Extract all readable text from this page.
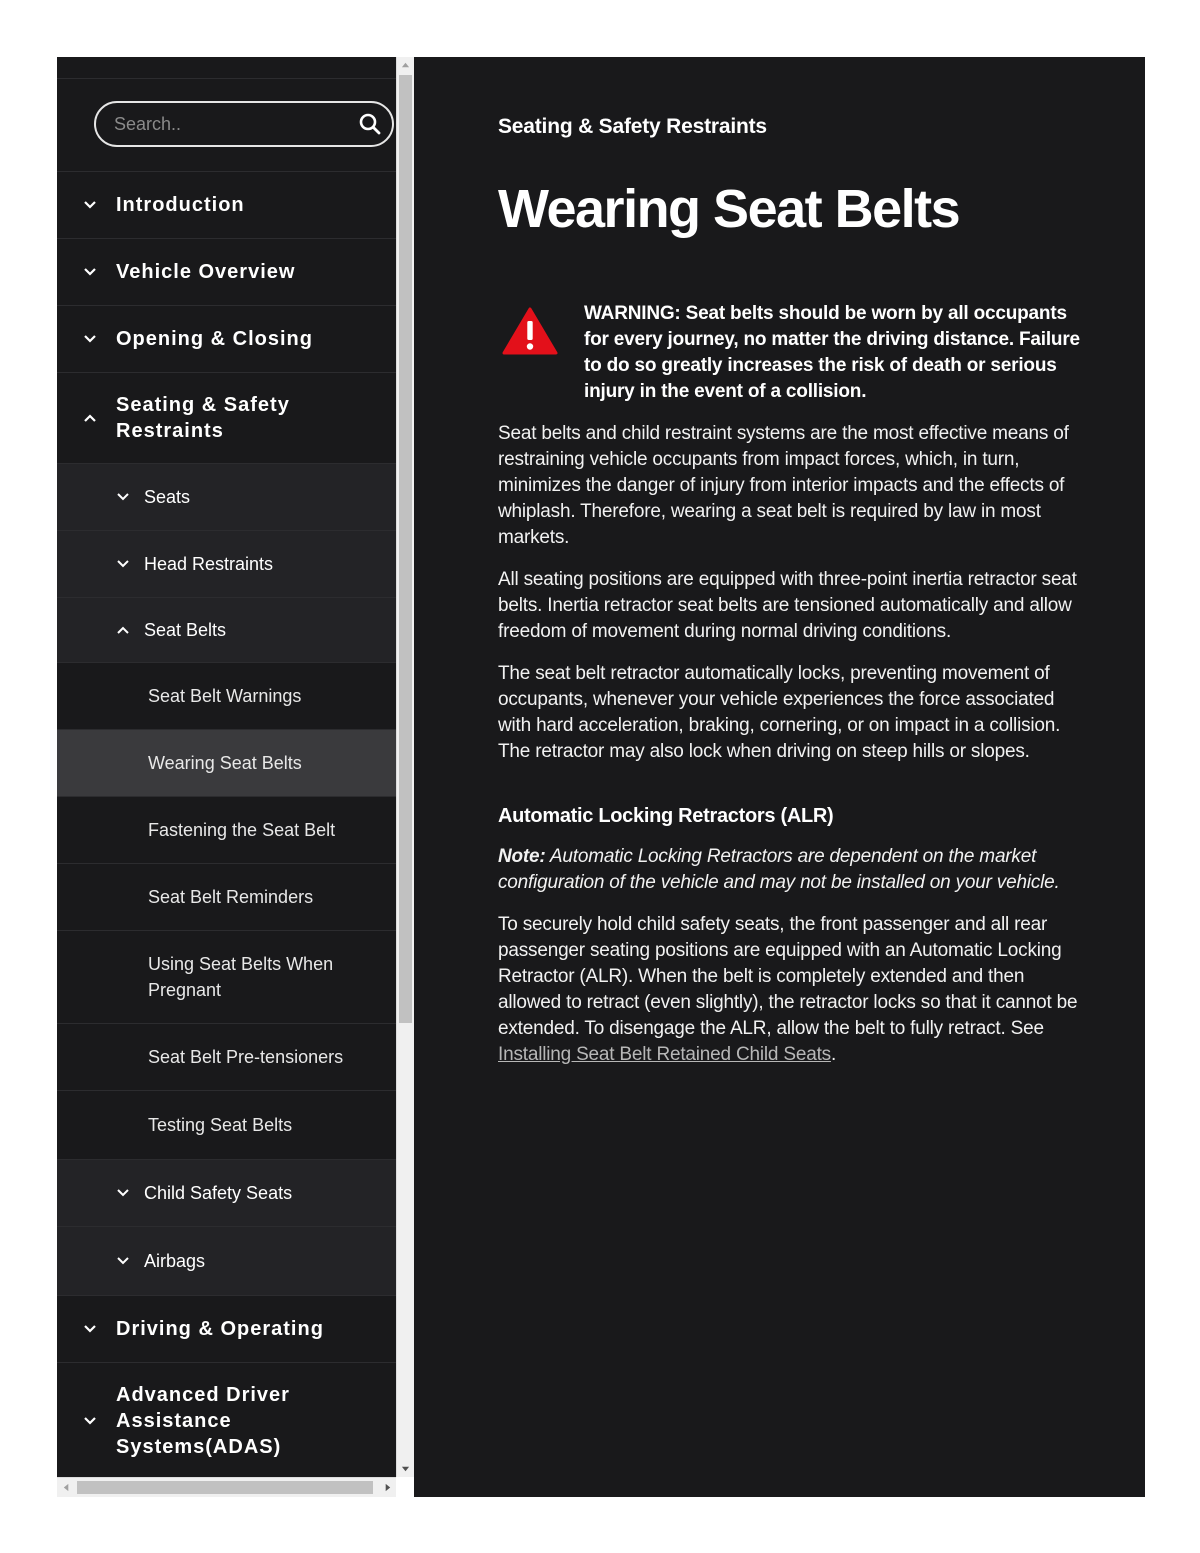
Search..
Introduction
Vehicle Overview
Opening & Closing
Seating & Safety Restraints
Seats
Head Restraints
Seat Belts
Seat Belt Warnings
Wearing Seat Belts
Fastening the Seat Belt
Seat Belt Reminders
Using Seat Belts When Pregnant
Seat Belt Pre-tensioners
Testing Seat Belts
Child Safety Seats
Airbags
Driving & Operating
Advanced Driver Assistance Systems(ADAS)
Seating & Safety Restraints
Wearing Seat Belts
WARNING: Seat belts should be worn by all occupants for every journey, no matter the driving distance. Failure to do so greatly increases the risk of death or serious injury in the event of a collision.

Seat belts and child restraint systems are the most effective means of restraining vehicle occupants from impact forces, which, in turn, minimizes the danger of injury from interior impacts and the effects of whiplash. Therefore, wearing a seat belt is required by law in most markets.

All seating positions are equipped with three-point inertia retractor seat belts. Inertia retractor seat belts are tensioned automatically and allow freedom of movement during normal driving conditions.

The seat belt retractor automatically locks, preventing movement of occupants, whenever your vehicle experiences the force associated with hard acceleration, braking, cornering, or on impact in a collision. The retractor may also lock when driving on steep hills or slopes.

Automatic Locking Retractors (ALR)

Note: Automatic Locking Retractors are dependent on the market configuration of the vehicle and may not be installed on your vehicle.

To securely hold child safety seats, the front passenger and all rear passenger seating positions are equipped with an Automatic Locking Retractor (ALR). When the belt is completely extended and then allowed to retract (even slightly), the retractor locks so that it cannot be extended. To disengage the ALR, allow the belt to fully retract. See Installing Seat Belt Retained Child Seats.
